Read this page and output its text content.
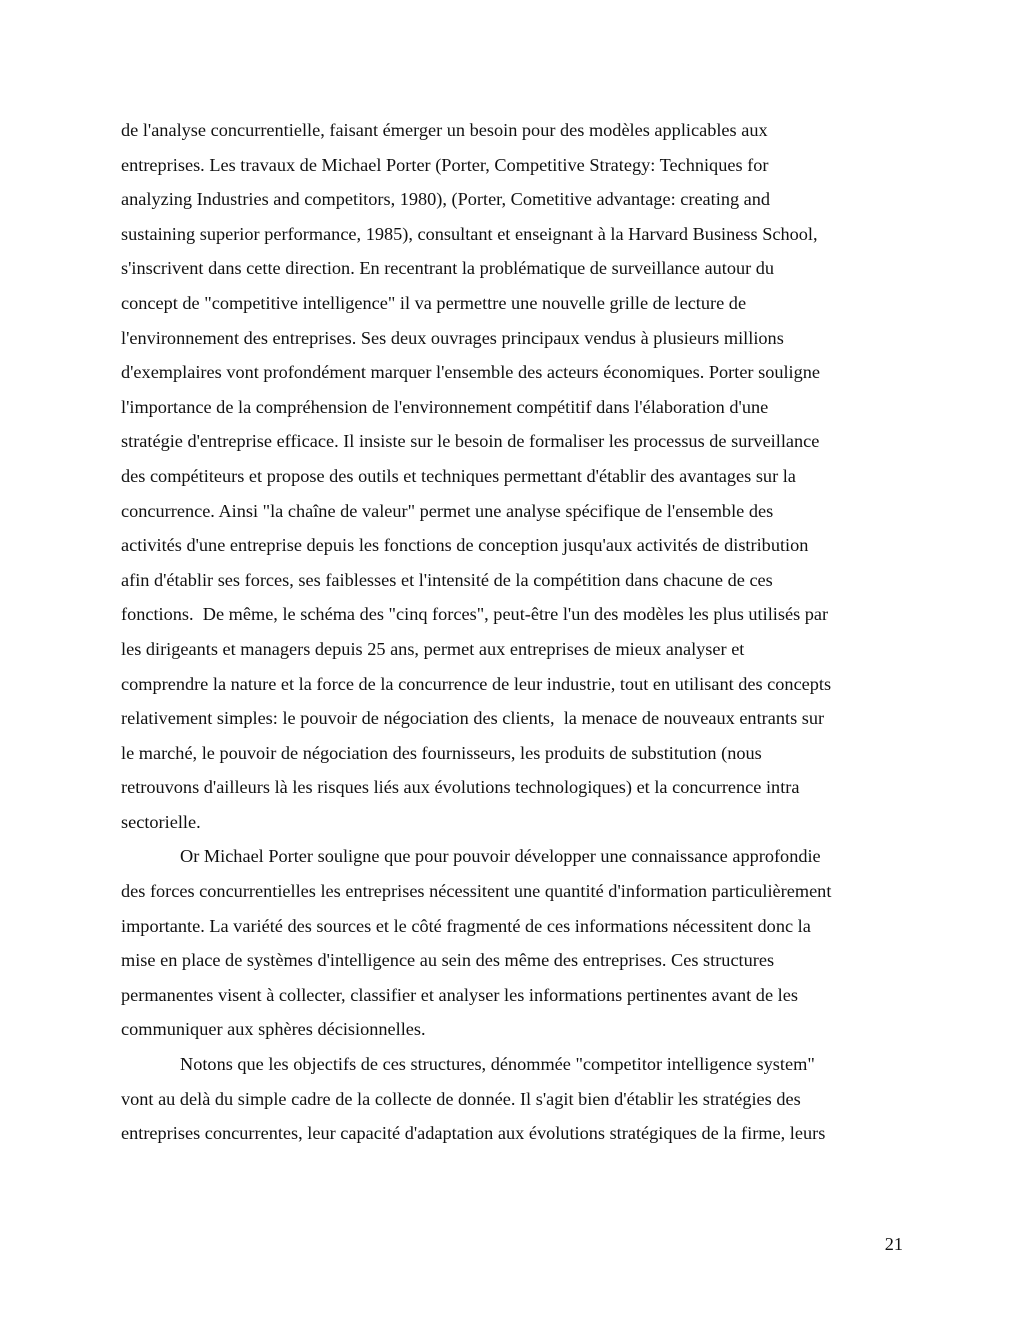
de l'analyse concurrentielle, faisant émerger un besoin pour des modèles applicables aux
entreprises. Les travaux de Michael Porter (Porter, Competitive Strategy: Techniques for
analyzing Industries and competitors, 1980), (Porter, Cometitive advantage: creating and
sustaining superior performance, 1985), consultant et enseignant à la Harvard Business School,
s'inscrivent dans cette direction. En recentrant la problématique de surveillance autour du
concept de "competitive intelligence" il va permettre une nouvelle grille de lecture de
l'environnement des entreprises. Ses deux ouvrages principaux vendus à plusieurs millions
d'exemplaires vont profondément marquer l'ensemble des acteurs économiques. Porter souligne
l'importance de la compréhension de l'environnement compétitif dans l'élaboration d'une
stratégie d'entreprise efficace. Il insiste sur le besoin de formaliser les processus de surveillance
des compétiteurs et propose des outils et techniques permettant d'établir des avantages sur la
concurrence. Ainsi "la chaîne de valeur" permet une analyse spécifique de l'ensemble des
activités d'une entreprise depuis les fonctions de conception jusqu'aux activités de distribution
afin d'établir ses forces, ses faiblesses et l'intensité de la compétition dans chacune de ces
fonctions.  De même, le schéma des "cinq forces", peut-être l'un des modèles les plus utilisés par
les dirigeants et managers depuis 25 ans, permet aux entreprises de mieux analyser et
comprendre la nature et la force de la concurrence de leur industrie, tout en utilisant des concepts
relativement simples: le pouvoir de négociation des clients,  la menace de nouveaux entrants sur
le marché, le pouvoir de négociation des fournisseurs, les produits de substitution (nous
retrouvons d'ailleurs là les risques liés aux évolutions technologiques) et la concurrence intra
sectorielle.
Or Michael Porter souligne que pour pouvoir développer une connaissance approfondie
des forces concurrentielles les entreprises nécessitent une quantité d'information particulièrement
importante. La variété des sources et le côté fragmenté de ces informations nécessitent donc la
mise en place de systèmes d'intelligence au sein des même des entreprises. Ces structures
permanentes visent à collecter, classifier et analyser les informations pertinentes avant de les
communiquer aux sphères décisionnelles.
Notons que les objectifs de ces structures, dénommée "competitor intelligence system"
vont au delà du simple cadre de la collecte de donnée. Il s'agit bien d'établir les stratégies des
entreprises concurrentes, leur capacité d'adaptation aux évolutions stratégiques de la firme, leurs
21
